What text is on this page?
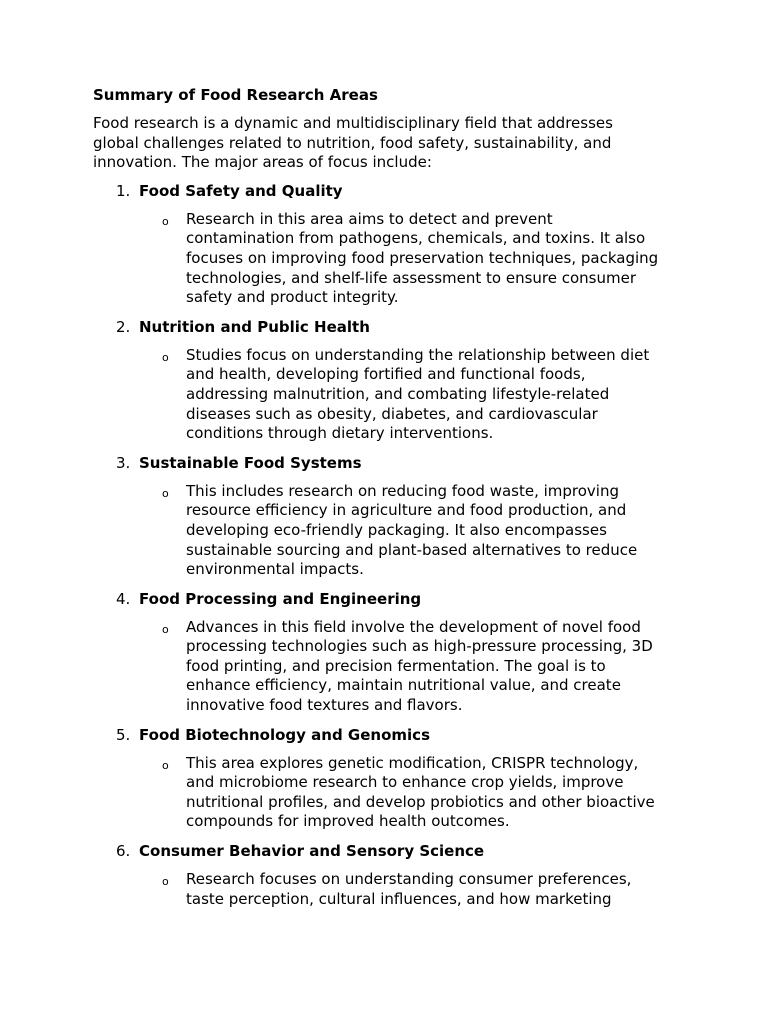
Summary of Food Research Areas
Food research is a dynamic and multidisciplinary field that addresses
global challenges related to nutrition, food safety, sustainability, and
innovation. The major areas of focus include:
1. Food Safety and Quality
o Research in this area aims to detect and prevent
contamination from pathogens, chemicals, and toxins. It also
focuses on improving food preservation techniques, packaging
technologies, and shelf-life assessment to ensure consumer
safety and product integrity.
2. Nutrition and Public Health
o Studies focus on understanding the relationship between diet
and health, developing fortified and functional foods,
addressing malnutrition, and combating lifestyle-related
diseases such as obesity, diabetes, and cardiovascular
conditions through dietary interventions.
3. Sustainable Food Systems
o This includes research on reducing food waste, improving
resource efficiency in agriculture and food production, and
developing eco-friendly packaging. It also encompasses
sustainable sourcing and plant-based alternatives to reduce
environmental impacts.
4. Food Processing and Engineering
o Advances in this field involve the development of novel food
processing technologies such as high-pressure processing, 3D
food printing, and precision fermentation. The goal is to
enhance efficiency, maintain nutritional value, and create
innovative food textures and flavors.
5. Food Biotechnology and Genomics
o This area explores genetic modification, CRISPR technology,
and microbiome research to enhance crop yields, improve
nutritional profiles, and develop probiotics and other bioactive
compounds for improved health outcomes.
6. Consumer Behavior and Sensory Science
o Research focuses on understanding consumer preferences,
taste perception, cultural influences, and how marketing
